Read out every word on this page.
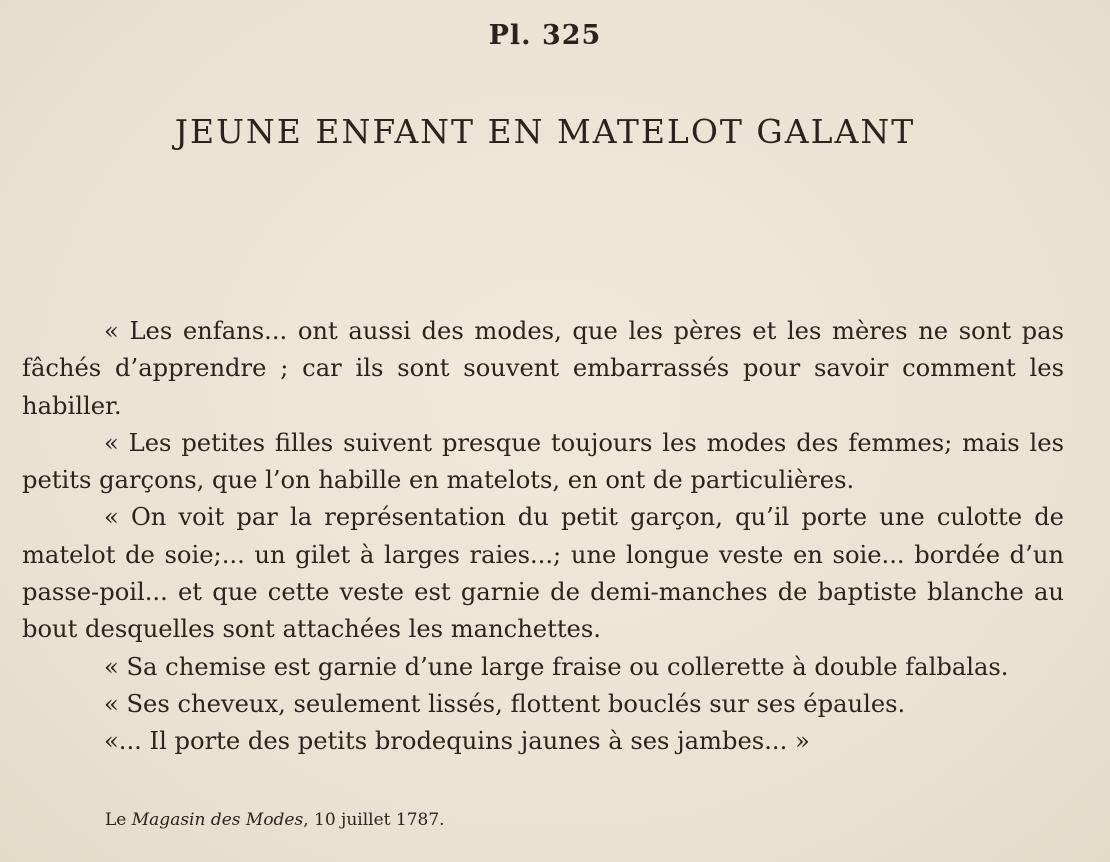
Pl. 325
JEUNE ENFANT EN MATELOT GALANT

« Les enfans... ont aussi des modes, que les pères et les mères ne sont pas fâchés d’apprendre ; car ils sont souvent embarrassés pour savoir comment les habiller.

« Les petites filles suivent presque toujours les modes des femmes; mais les petits garçons, que l’on habille en matelots, en ont de particulières.

« On voit par la représentation du petit garçon, qu’il porte une culotte de matelot de soie;... un gilet à larges raies...; une longue veste en soie... bordée d’un passe-poil... et que cette veste est garnie de demi-manches de baptiste blanche au bout desquelles sont attachées les manchettes.

« Sa chemise est garnie d’une large fraise ou collerette à double falbalas.

« Ses cheveux, seulement lissés, flottent bouclés sur ses épaules.

«... Il porte des petits brodequins jaunes à ses jambes... »

Le Magasin des Modes, 10 juillet 1787.
